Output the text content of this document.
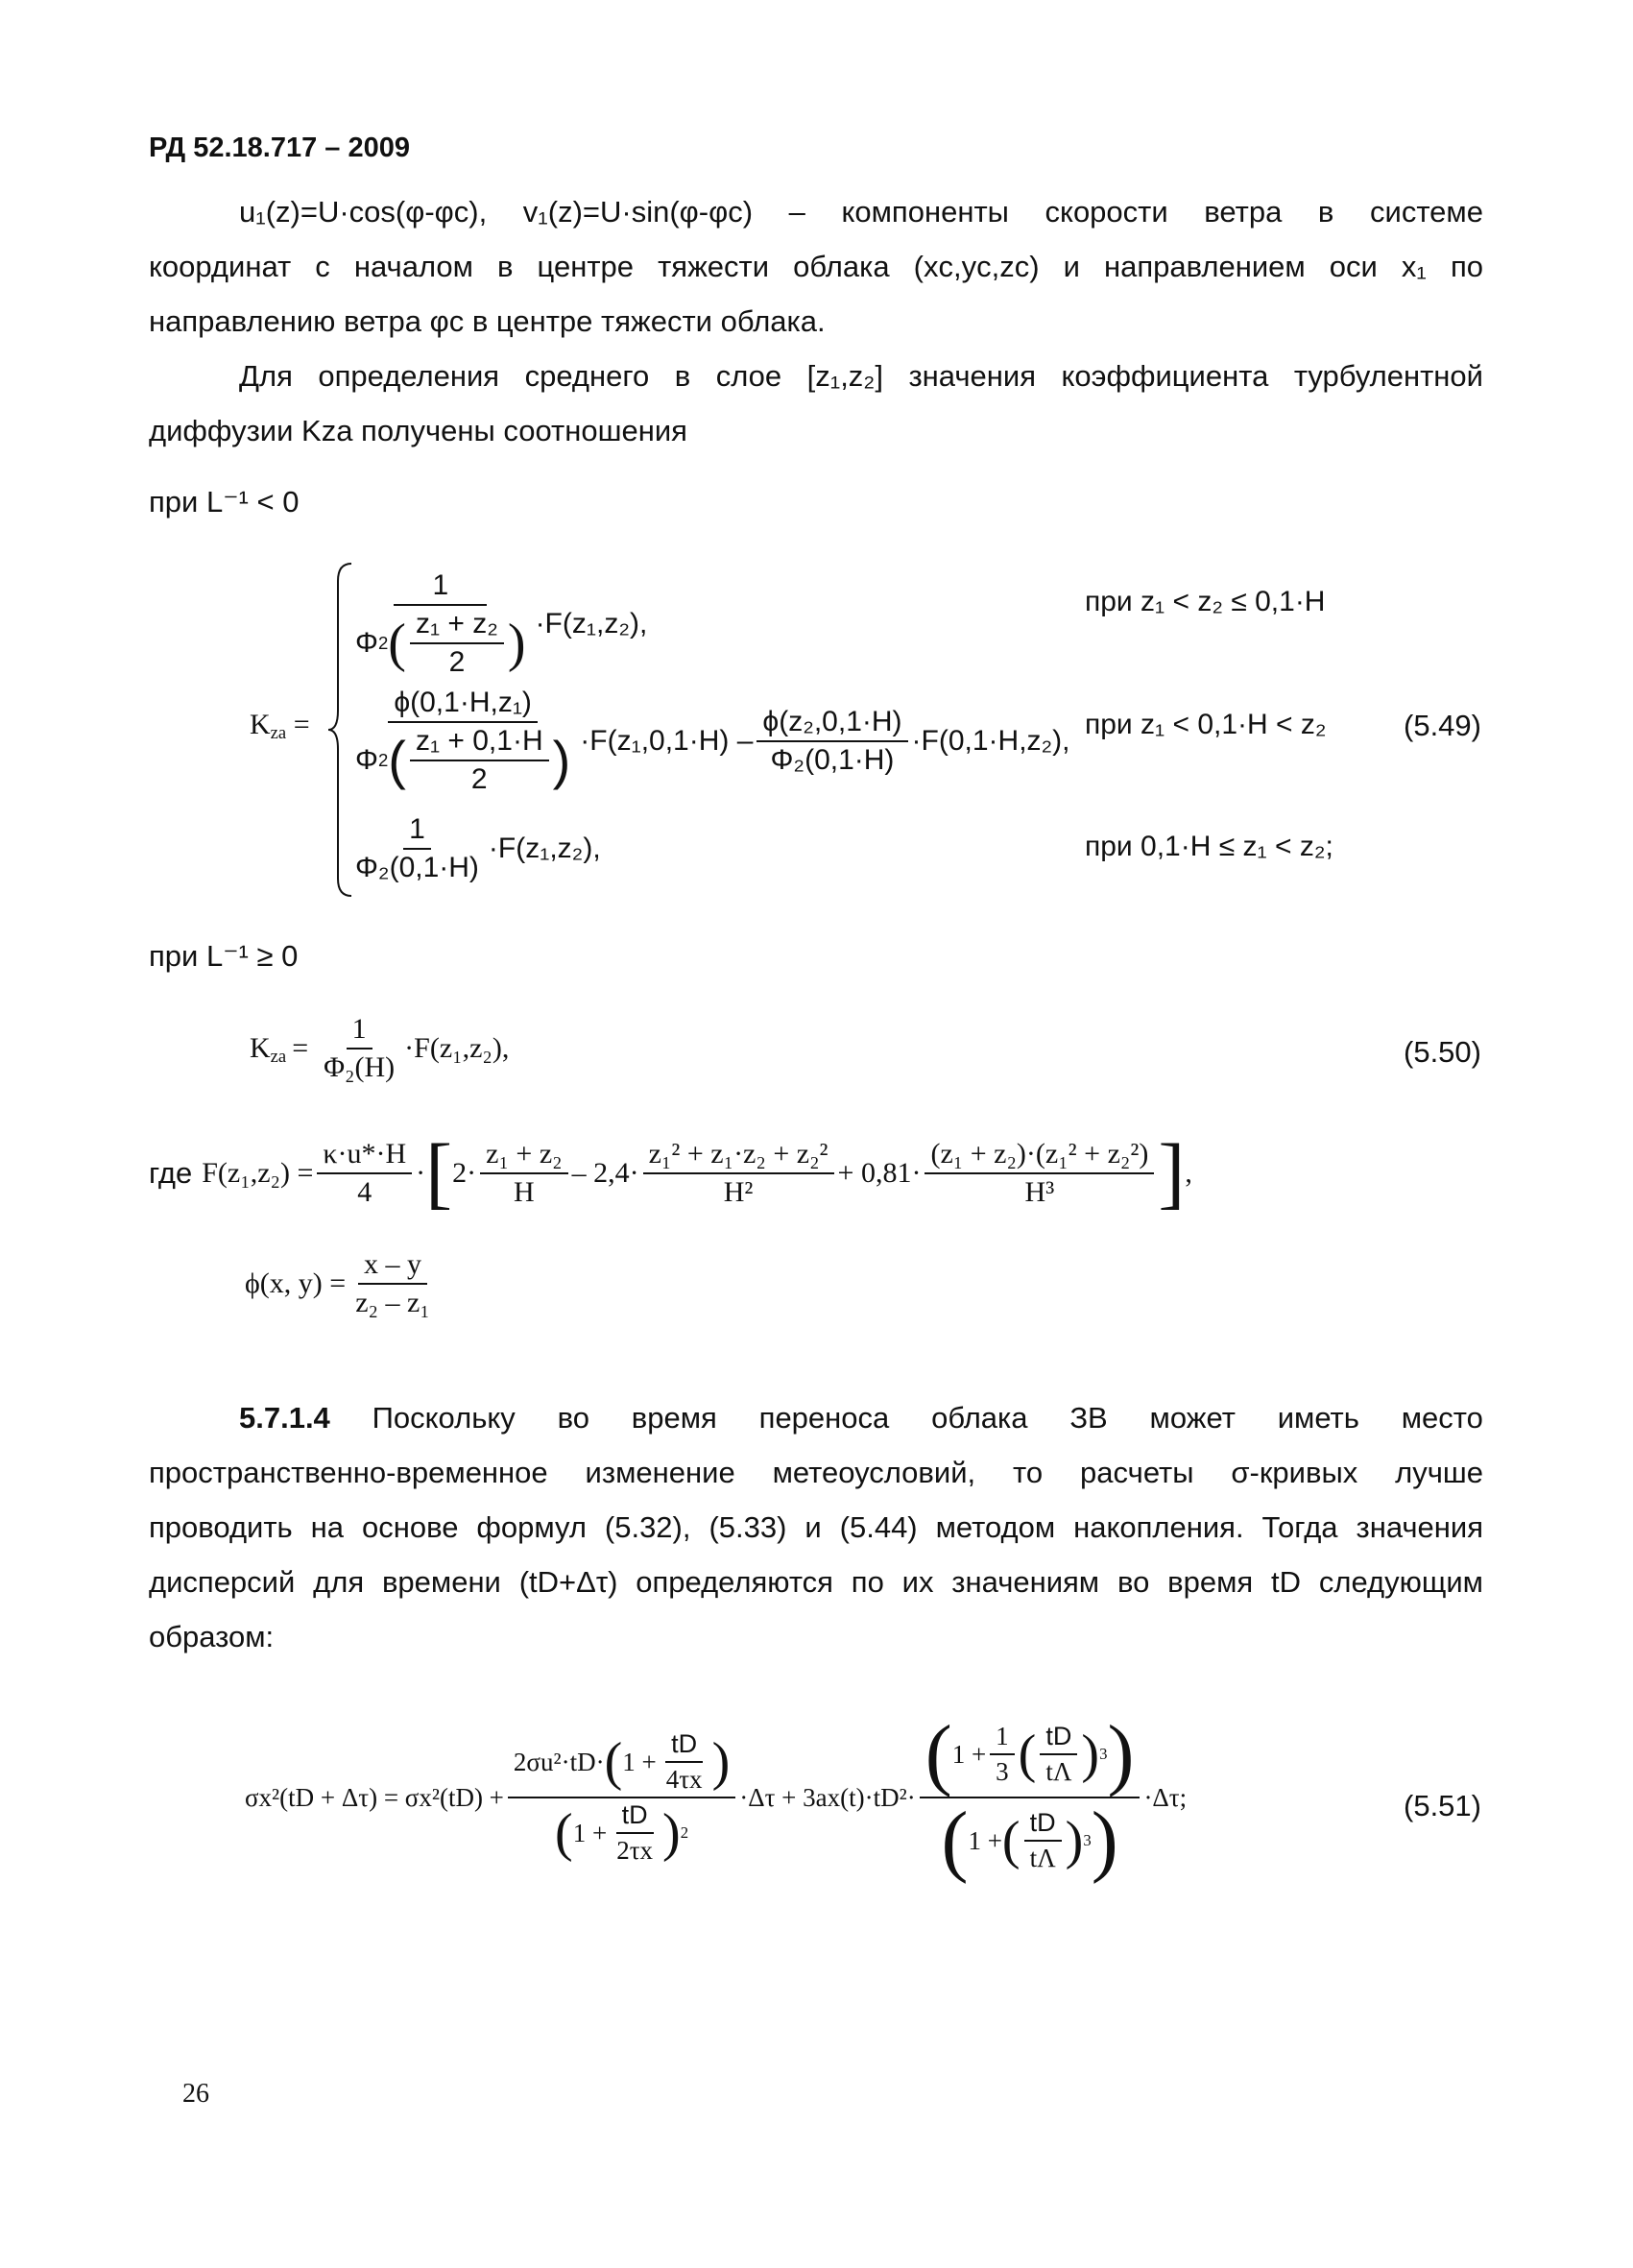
РД 52.18.717 – 2009
u₁(z)=U·cos(φ-φc), v₁(z)=U·sin(φ-φc) – компоненты скорости ветра в системе
координат с началом в центре тяжести облака (xc,yc,zc) и направлением оси x₁ по
направлению ветра φc в центре тяжести облака.
Для определения среднего в слое [z₁,z₂] значения коэффициента турбулентной
диффузии Kza получены соотношения
при L⁻¹ < 0
$K_{za}$ =
1
Φ 2 ( $\frac{\text{z₁ + z₂}}{2}$ ) ·F(z₁,z₂),
при z₁ < z₂ ≤ 0,1·H
ϕ(0,1·H,z₁)
Φ 2 ( $\frac{\text{z₁ + 0,1·H}}{2}$ ) $\cdot F(z_1,0,1\cdot H) - \frac{\text{ϕ(z₂,0,1·H)}}{\text{Φ₂(0,1·H)}} \cdot F(0,1\cdot H,z_2)$,
при z₁ < 0,1·H < z₂
$\frac{1}{\text{Φ₂(0,1·H)}} \cdot F(z_1,z_2)$,	при 0,1·H ≤ z₁ < z₂;
(5.49)
при L⁻¹ ≥ 0
$K_{za} = \frac{1}{\text{Φ₂(H)}} \cdot F(z_1,z_2)$,	(5.50)
где $F(z_1,z_2) = \frac{\kappa\cdot u*\cdot H}{4}$ · [ $2\cdot \frac{\text{z₁ + z₂}}{H} - 2,4\cdot \frac{\text{z₁² + z₁·z₂ + z₂²}}{\text{H²}} + 0,81\cdot \frac{\text{(z₁ + z₂)·(z₁² + z₂²)}}{\text{H³}}$ ] ,
ϕ(x, $y) = \frac{x - y}{\text{z₂ – z₁}}$
5.7.1.4 Поскольку во время переноса облака ЗВ может иметь место
пространственно-временное изменение метеоусловий, то расчеты σ-кривых лучше
проводить на основе формул (5.32), (5.33) и (5.44) методом накопления. Тогда значения
дисперсий для времени (tD+Δτ) определяются по их значениям во время tD следующим
образом:
σx²(tD + Δτ) = σx²(tD) +
2σu²·tD· ( $1 + \frac{tD}{4\tau x}$ )
( $1 + \frac{tD}{2\tau x}$ ) 2
·Δτ + 3ax(t)·tD²· ( $1 + \frac{1}{3}$ ( $\frac{tD}{t\Lambda}$ ) 3 )
( 1 + ( $\frac{tD}{t\Lambda}$ ) 3 ) ·Δτ;	(5.51)
26
